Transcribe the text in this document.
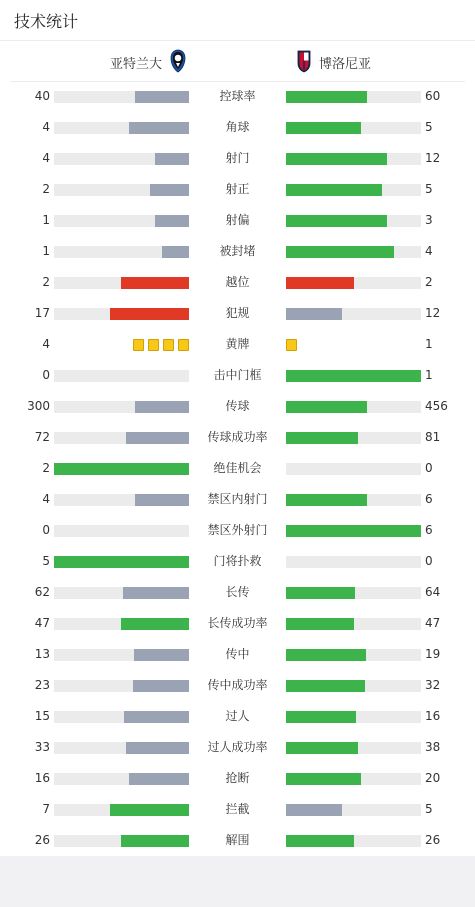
技术统计
亚特兰大	博洛尼亚
40	控球率	60
4	角球	5
4	射门	12
2	射正	5
1	射偏	3
1	被封堵	4
2	越位	2
17	犯规	12
4	黄牌	1
0	击中门框	1
300	传球	456
72	传球成功率	81
2	绝佳机会	0
4	禁区内射门	6
0	禁区外射门	6
5	门将扑救	0
62	长传	64
47	长传成功率	47
13	传中	19
23	传中成功率	32
15	过人	16
33	过人成功率	38
16	抢断	20
7	拦截	5
26	解围	26
